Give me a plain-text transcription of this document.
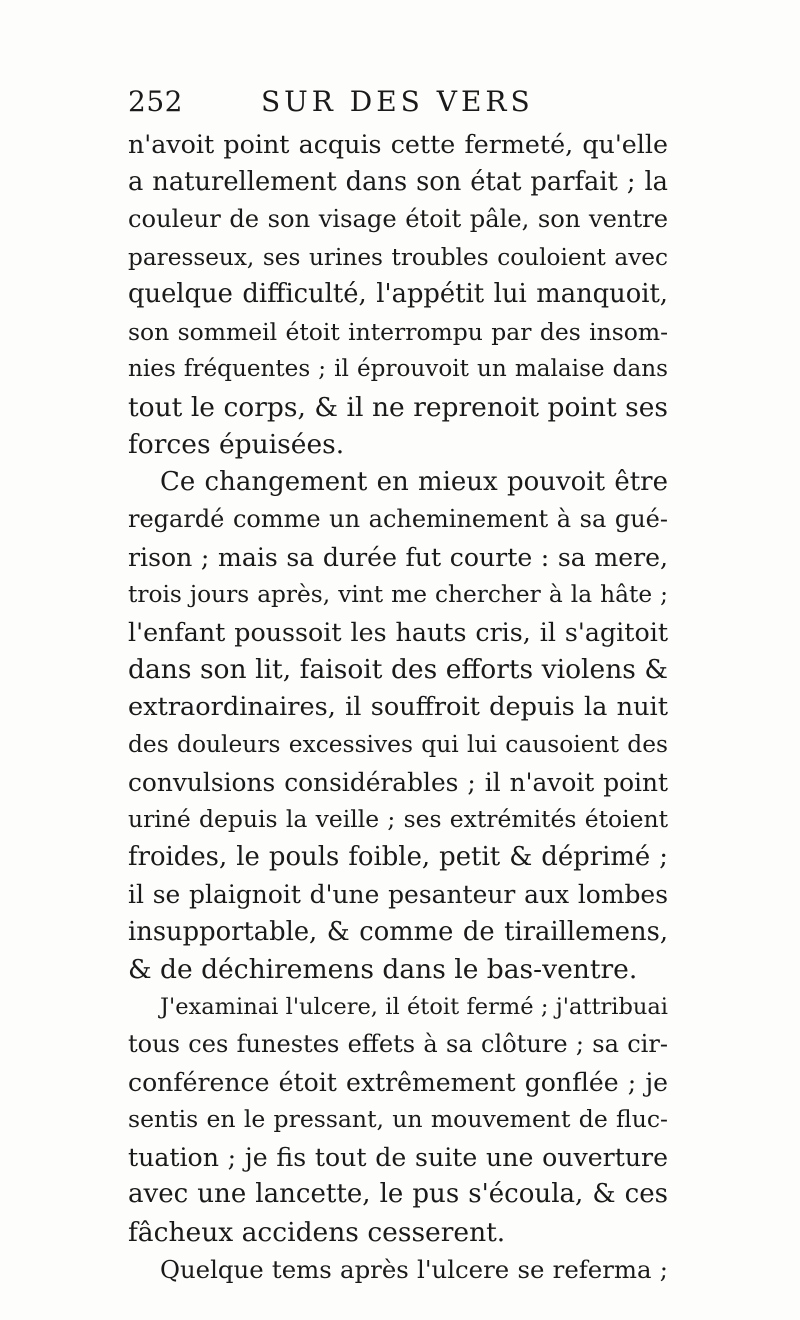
252	SUR DES VERS
n'avoit point acquis cette fermeté, qu'elle
a naturellement dans son état parfait ; la
couleur de son visage étoit pâle, son ventre
paresseux, ses urines troubles couloient avec
quelque difficulté, l'appétit lui manquoit,
son sommeil étoit interrompu par des insom-
nies fréquentes ; il éprouvoit un malaise dans
tout le corps, & il ne reprenoit point ses
forces épuisées.
Ce changement en mieux pouvoit être
regardé comme un acheminement à sa gué-
rison ; mais sa durée fut courte : sa mere,
trois jours après, vint me chercher à la hâte ;
l'enfant poussoit les hauts cris, il s'agitoit
dans son lit, faisoit des efforts violens &
extraordinaires, il souffroit depuis la nuit
des douleurs excessives qui lui causoient des
convulsions considérables ; il n'avoit point
uriné depuis la veille ; ses extrémités étoient
froides, le pouls foible, petit & déprimé ;
il se plaignoit d'une pesanteur aux lombes
insupportable, & comme de tiraillemens,
& de déchiremens dans le bas-ventre.
J'examinai l'ulcere, il étoit fermé ; j'attribuai
tous ces funestes effets à sa clôture ; sa cir-
conférence étoit extrêmement gonflée ; je
sentis en le pressant, un mouvement de fluc-
tuation ; je fis tout de suite une ouverture
avec une lancette, le pus s'écoula, & ces
fâcheux accidens cesserent.
Quelque tems après l'ulcere se referma ;
